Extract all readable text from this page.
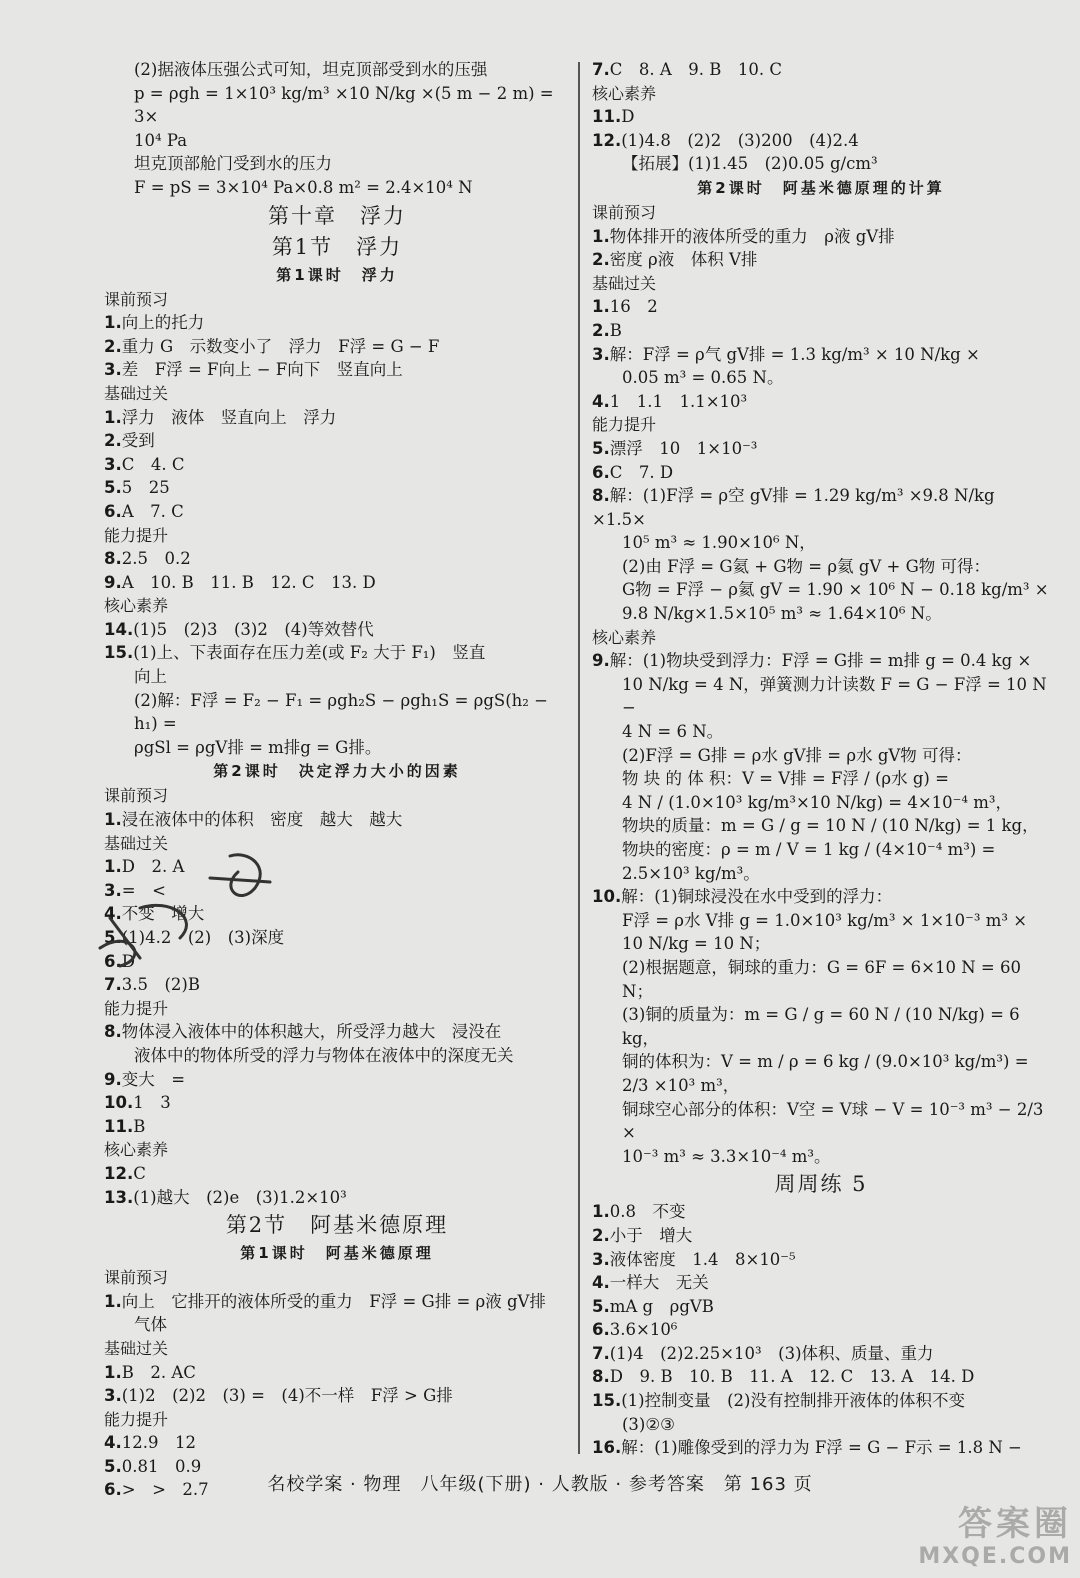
(2)据液体压强公式可知，坦克顶部受到水的压强

p = ρgh = 1×10³ kg/m³ ×10 N/kg ×(5 m − 2 m) = 3×

10⁴ Pa

坦克顶部舱门受到水的压力

F = pS = 3×10⁴ Pa×0.8 m² = 2.4×10⁴ N

第十章　浮力

第1节　浮力

第1课时　浮力

课前预习

1.向上的托力

2.重力 G　示数变小了　浮力　F浮 = G − F

3.差　F浮 = F向上 − F向下　竖直向上

基础过关

1.浮力　液体　竖直向上　浮力

2.受到

3.C　4. C

5.5　25

6.A　7. C

能力提升

8.2.5　0.2

9.A　10. B　11. B　12. C　13. D

核心素养

14.(1)5　(2)3　(3)2　(4)等效替代

15.(1)上、下表面存在压力差(或 F₂ 大于 F₁)　竖直

向上

(2)解：F浮 = F₂ − F₁ = ρgh₂S − ρgh₁S = ρgS(h₂ − h₁) =

ρgSl = ρgV排 = m排g = G排。

第2课时　决定浮力大小的因素

课前预习

1.浸在液体中的体积　密度　越大　越大

基础过关

1.D　2. A

3.=　<

4.不变　增大

5.(1)4.2　(2)　(3)深度

6.D

7.3.5　(2)B

能力提升

8.物体浸入液体中的体积越大，所受浮力越大　浸没在

液体中的物体所受的浮力与物体在液体中的深度无关

9.变大　=

10.1　3

11.B

核心素养

12.C

13.(1)越大　(2)e　(3)1.2×10³

第2节　阿基米德原理

第1课时　阿基米德原理

课前预习

1.向上　它排开的液体所受的重力　F浮 = G排 = ρ液 gV排

气体

基础过关

1.B　2. AC

3.(1)2　(2)2　(3) =　(4)不一样　F浮 > G排

能力提升

4.12.9　12

5.0.81　0.9

6.>　>　2.7

7.C　8. A　9. B　10. C

核心素养

11.D

12.(1)4.8　(2)2　(3)200　(4)2.4

【拓展】(1)1.45　(2)0.05 g/cm³

第2课时　阿基米德原理的计算

课前预习

1.物体排开的液体所受的重力　ρ液 gV排

2.密度 ρ液　体积 V排

基础过关

1.16　2

2.B

3.解：F浮 = ρ气 gV排 = 1.3 kg/m³ × 10 N/kg ×

0.05 m³ = 0.65 N。

4.1　1.1　1.1×10³

能力提升

5.漂浮　10　1×10⁻³

6.C　7. D

8.解：(1)F浮 = ρ空 gV排 = 1.29 kg/m³ ×9.8 N/kg ×1.5×

10⁵ m³ ≈ 1.90×10⁶ N，

(2)由 F浮 = G氦 + G物 = ρ氦 gV + G物 可得：

G物 = F浮 − ρ氦 gV = 1.90 × 10⁶ N − 0.18 kg/m³ ×

9.8 N/kg×1.5×10⁵ m³ ≈ 1.64×10⁶ N。

核心素养

9.解：(1)物块受到浮力：F浮 = G排 = m排 g = 0.4 kg ×

10 N/kg = 4 N，弹簧测力计读数 F = G − F浮 = 10 N −

4 N = 6 N。

(2)F浮 = G排 = ρ水 gV排 = ρ水 gV物 可得：

物 块 的 体 积：V = V排 = F浮 / (ρ水 g) =

4 N / (1.0×10³ kg/m³×10 N/kg) = 4×10⁻⁴ m³，

物块的质量：m = G / g = 10 N / (10 N/kg) = 1 kg，

物块的密度：ρ = m / V = 1 kg / (4×10⁻⁴ m³) = 2.5×10³ kg/m³。

10.解：(1)铜球浸没在水中受到的浮力：

F浮 = ρ水 V排 g = 1.0×10³ kg/m³ × 1×10⁻³ m³ ×

10 N/kg = 10 N；

(2)根据题意，铜球的重力：G = 6F = 6×10 N = 60 N；

(3)铜的质量为：m = G / g = 60 N / (10 N/kg) = 6 kg，

铜的体积为：V = m / ρ = 6 kg / (9.0×10³ kg/m³) = 2/3 ×10³ m³，

铜球空心部分的体积：V空 = V球 − V = 10⁻³ m³ − 2/3 ×

10⁻³ m³ ≈ 3.3×10⁻⁴ m³。

周周练 5

1.0.8　不变

2.小于　增大

3.液体密度　1.4　8×10⁻⁵

4.一样大　无关

5.mA g　ρgVB

6.3.6×10⁶

7.(1)4　(2)2.25×10³　(3)体积、质量、重力

8.D　9. B　10. B　11. A　12. C　13. A　14. D

15.(1)控制变量　(2)没有控制排开液体的体积不变

(3)②③

16.解：(1)雕像受到的浮力为 F浮 = G − F示 = 1.8 N −

名校学案 · 物理　八年级(下册) · 人教版 · 参考答案　第 163 页
答案圈
MXQE.COM
